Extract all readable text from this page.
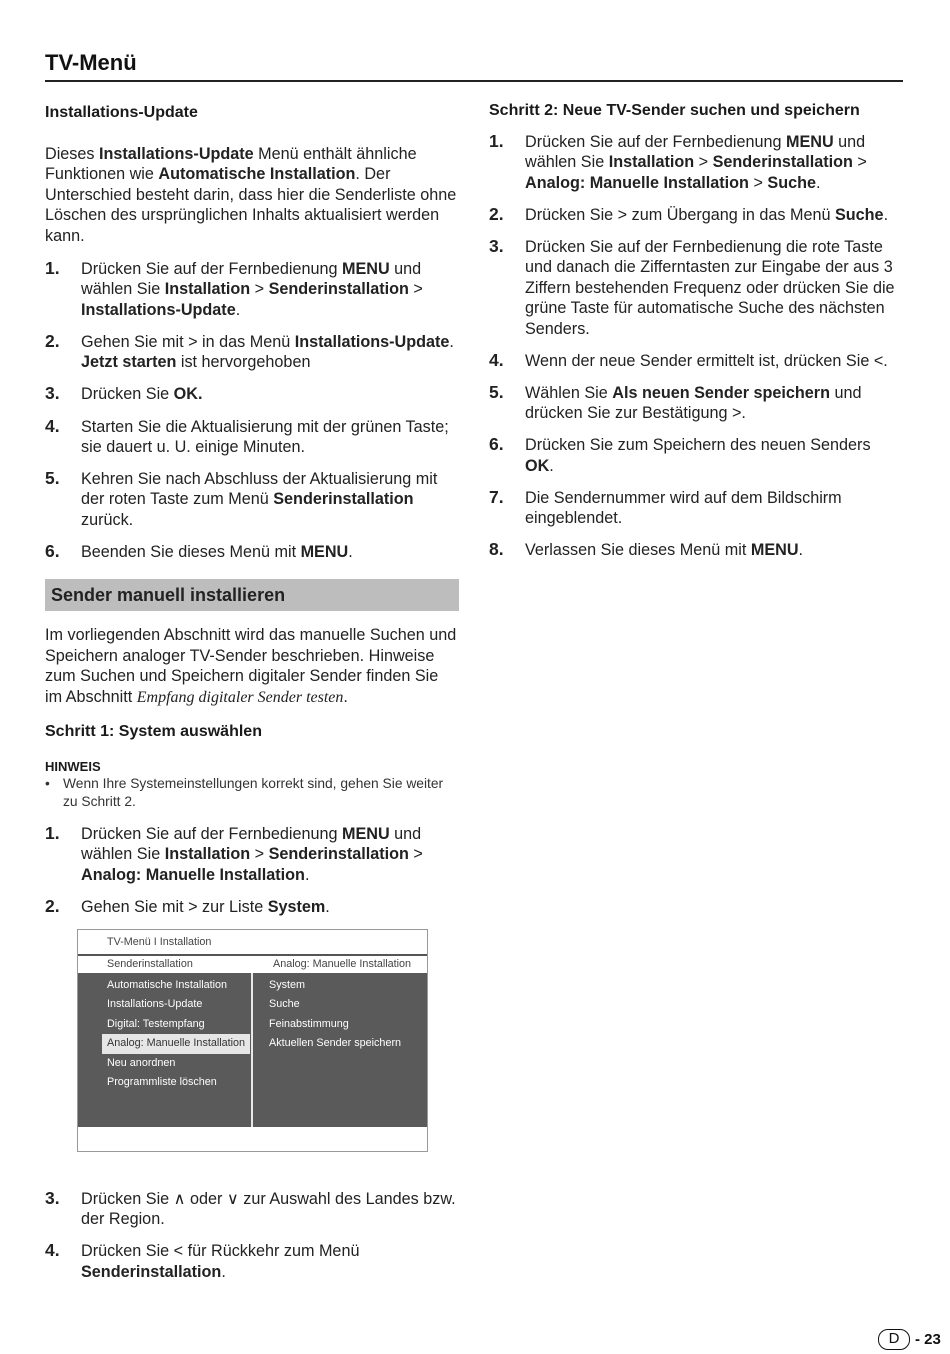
TV-Menü
Installations-Update

Dieses Installations-Update Menü enthält ähnliche Funktionen wie Automatische Installation. Der Unterschied besteht darin, dass hier die Senderliste ohne Löschen des ursprünglichen Inhalts aktualisiert werden kann.

1. Drücken Sie auf der Fernbedienung MENU und wählen Sie Installation > Senderinstallation > Installations-Update.
2. Gehen Sie mit > in das Menü Installations-Update. Jetzt starten ist hervorgehoben
3. Drücken Sie OK.
4. Starten Sie die Aktualisierung mit der grünen Taste; sie dauert u. U. einige Minuten.
5. Kehren Sie nach Abschluss der Aktualisierung mit der roten Taste zum Menü Senderinstallation zurück.
6. Beenden Sie dieses Menü mit MENU.
Sender manuell installieren

Im vorliegenden Abschnitt wird das manuelle Suchen und Speichern analoger TV-Sender beschrieben. Hinweise zum Suchen und Speichern digitaler Sender finden Sie im Abschnitt Empfang digitaler Sender testen.

Schritt 1: System auswählen
HINWEIS
• Wenn Ihre Systemeinstellungen korrekt sind, gehen Sie weiter zu Schritt 2.
1. Drücken Sie auf der Fernbedienung MENU und wählen Sie Installation > Senderinstallation > Analog: Manuelle Installation.
2. Gehen Sie mit > zur Liste System.
TV-Menü I Installation
Senderinstallation	Analog: Manuelle Installation
Automatische Installation
Installations-Update
Digital: Testempfang
Analog: Manuelle Installation
Neu anordnen
Programmliste löschen
System
Suche
Feinabstimmung
Aktuellen Sender speichern
3. Drücken Sie ∧ oder ∨ zur Auswahl des Landes bzw. der Region.
4. Drücken Sie < für Rückkehr zum Menü Senderinstallation.
Schritt 2: Neue TV-Sender suchen und speichern
1. Drücken Sie auf der Fernbedienung MENU und wählen Sie Installation > Senderinstallation > Analog: Manuelle Installation > Suche.
2. Drücken Sie > zum Übergang in das Menü Suche.
3. Drücken Sie auf der Fernbedienung die rote Taste und danach die Zifferntasten zur Eingabe der aus 3 Ziffern bestehenden Frequenz oder drücken Sie die grüne Taste für automatische Suche des nächsten Senders.
4. Wenn der neue Sender ermittelt ist, drücken Sie <.
5. Wählen Sie Als neuen Sender speichern und drücken Sie zur Bestätigung >.
6. Drücken Sie zum Speichern des neuen Senders OK.
7. Die Sendernummer wird auf dem Bildschirm eingeblendet.
8. Verlassen Sie dieses Menü mit MENU.
D	- 23
